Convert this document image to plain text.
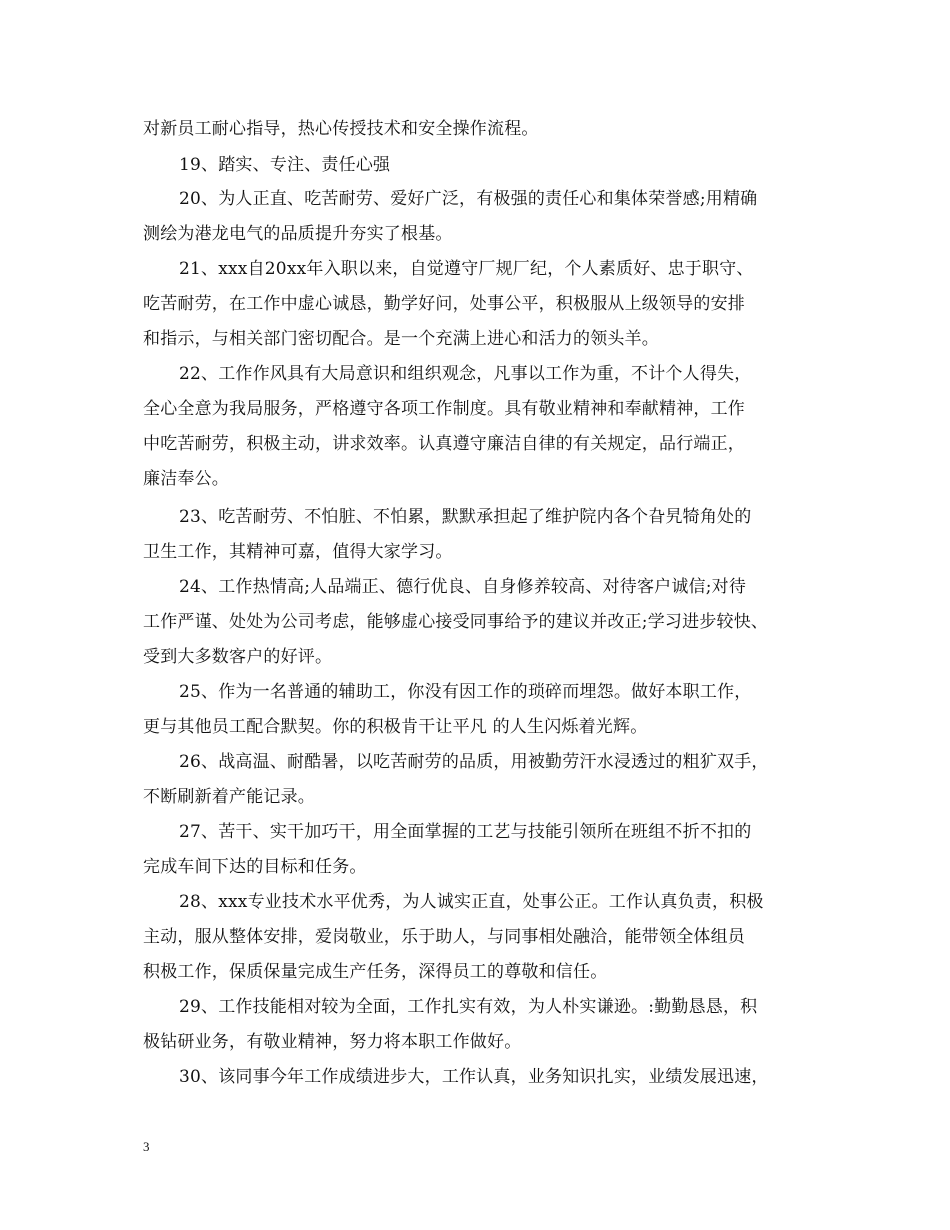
对新员工耐心指导，热心传授技术和安全操作流程。
19、踏实、专注、责任心强
20、为人正直、吃苦耐劳、爱好广泛，有极强的责任心和集体荣誉感;用精确
测绘为港龙电气的品质提升夯实了根基。
21、xxx自20xx年入职以来，自觉遵守厂规厂纪，个人素质好、忠于职守、
吃苦耐劳，在工作中虚心诚恳，勤学好问，处事公平，积极服从上级领导的安排
和指示，与相关部门密切配合。是一个充满上进心和活力的领头羊。
22、工作作风具有大局意识和组织观念，凡事以工作为重，不计个人得失，
全心全意为我局服务，严格遵守各项工作制度。具有敬业精神和奉献精神，工作
中吃苦耐劳，积极主动，讲求效率。认真遵守廉洁自律的有关规定，品行端正，
廉洁奉公。
23、吃苦耐劳、不怕脏、不怕累，默默承担起了维护院内各个旮旯犄角处的
卫生工作，其精神可嘉，值得大家学习。
24、工作热情高;人品端正、德行优良、自身修养较高、对待客户诚信;对待
工作严谨、处处为公司考虑，能够虚心接受同事给予的建议并改正;学习进步较快、
受到大多数客户的好评。
25、作为一名普通的辅助工，你没有因工作的琐碎而埋怨。做好本职工作，
更与其他员工配合默契。你的积极肯干让平凡 的人生闪烁着光辉。
26、战高温、耐酷暑，以吃苦耐劳的品质，用被勤劳汗水浸透过的粗犷双手，
不断刷新着产能记录。
27、苦干、实干加巧干，用全面掌握的工艺与技能引领所在班组不折不扣的
完成车间下达的目标和任务。
28、xxx专业技术水平优秀，为人诚实正直，处事公正。工作认真负责，积极
主动，服从整体安排，爱岗敬业，乐于助人，与同事相处融洽，能带领全体组员
积极工作，保质保量完成生产任务，深得员工的尊敬和信任。
29、工作技能相对较为全面，工作扎实有效，为人朴实谦逊。:勤勤恳恳，积
极钻研业务，有敬业精神，努力将本职工作做好。
30、该同事今年工作成绩进步大，工作认真，业务知识扎实，业绩发展迅速，
3
